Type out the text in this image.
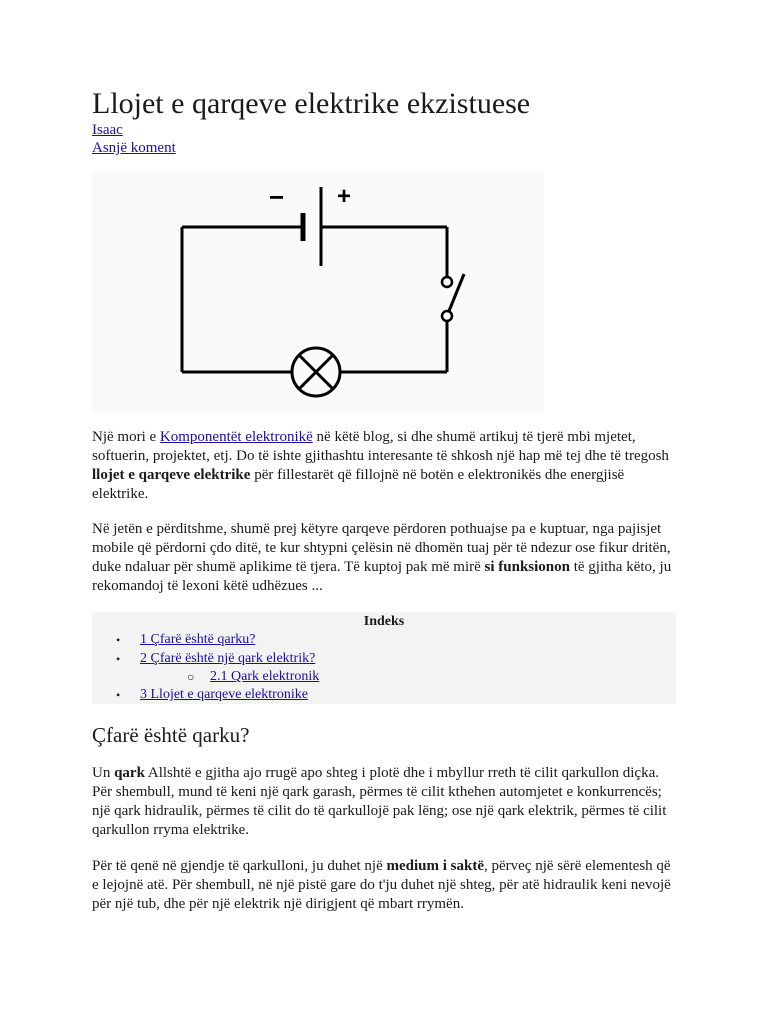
Llojet e qarqeve elektrike ekzistuese
Isaac
Asnjë koment
− +

Një mori e Komponentët elektronikë në këtë blog, si dhe shumë artikuj të tjerë mbi mjetet, softuerin, projektet, etj. Do të ishte gjithashtu interesante të shkosh një hap më tej dhe të tregosh llojet e qarqeve elektrike për fillestarët që fillojnë në botën e elektronikës dhe energjisë elektrike.

Në jetën e përditshme, shumë prej këtyre qarqeve përdoren pothuajse pa e kuptuar, nga pajisjet mobile që përdorni çdo ditë, te kur shtypni çelësin në dhomën tuaj për të ndezur ose fikur dritën, duke ndaluar për shumë aplikime të tjera. Të kuptoj pak më mirë si funksionon të gjitha këto, ju rekomandoj të lexoni këtë udhëzues ...

Indeks
• 1 Çfarë është qarku?
• 2 Çfarë është një qark elektrik?
○ 2.1 Qark elektronik
• 3 Llojet e qarqeve elektronike
Çfarë është qarku?

Un qark Allshtë e gjitha ajo rrugë apo shteg i plotë dhe i mbyllur rreth të cilit qarkullon diçka. Për shembull, mund të keni një qark garash, përmes të cilit kthehen automjetet e konkurrencës; një qark hidraulik, përmes të cilit do të qarkullojë pak lëng; ose një qark elektrik, përmes të cilit qarkullon rryma elektrike.

Për të qenë në gjendje të qarkulloni, ju duhet një medium i saktë, përveç një sërë elementesh që e lejojnë atë. Për shembull, në një pistë gare do t'ju duhet një shteg, për atë hidraulik keni nevojë për një tub, dhe për një elektrik një dirigjent që mbart rrymën.
